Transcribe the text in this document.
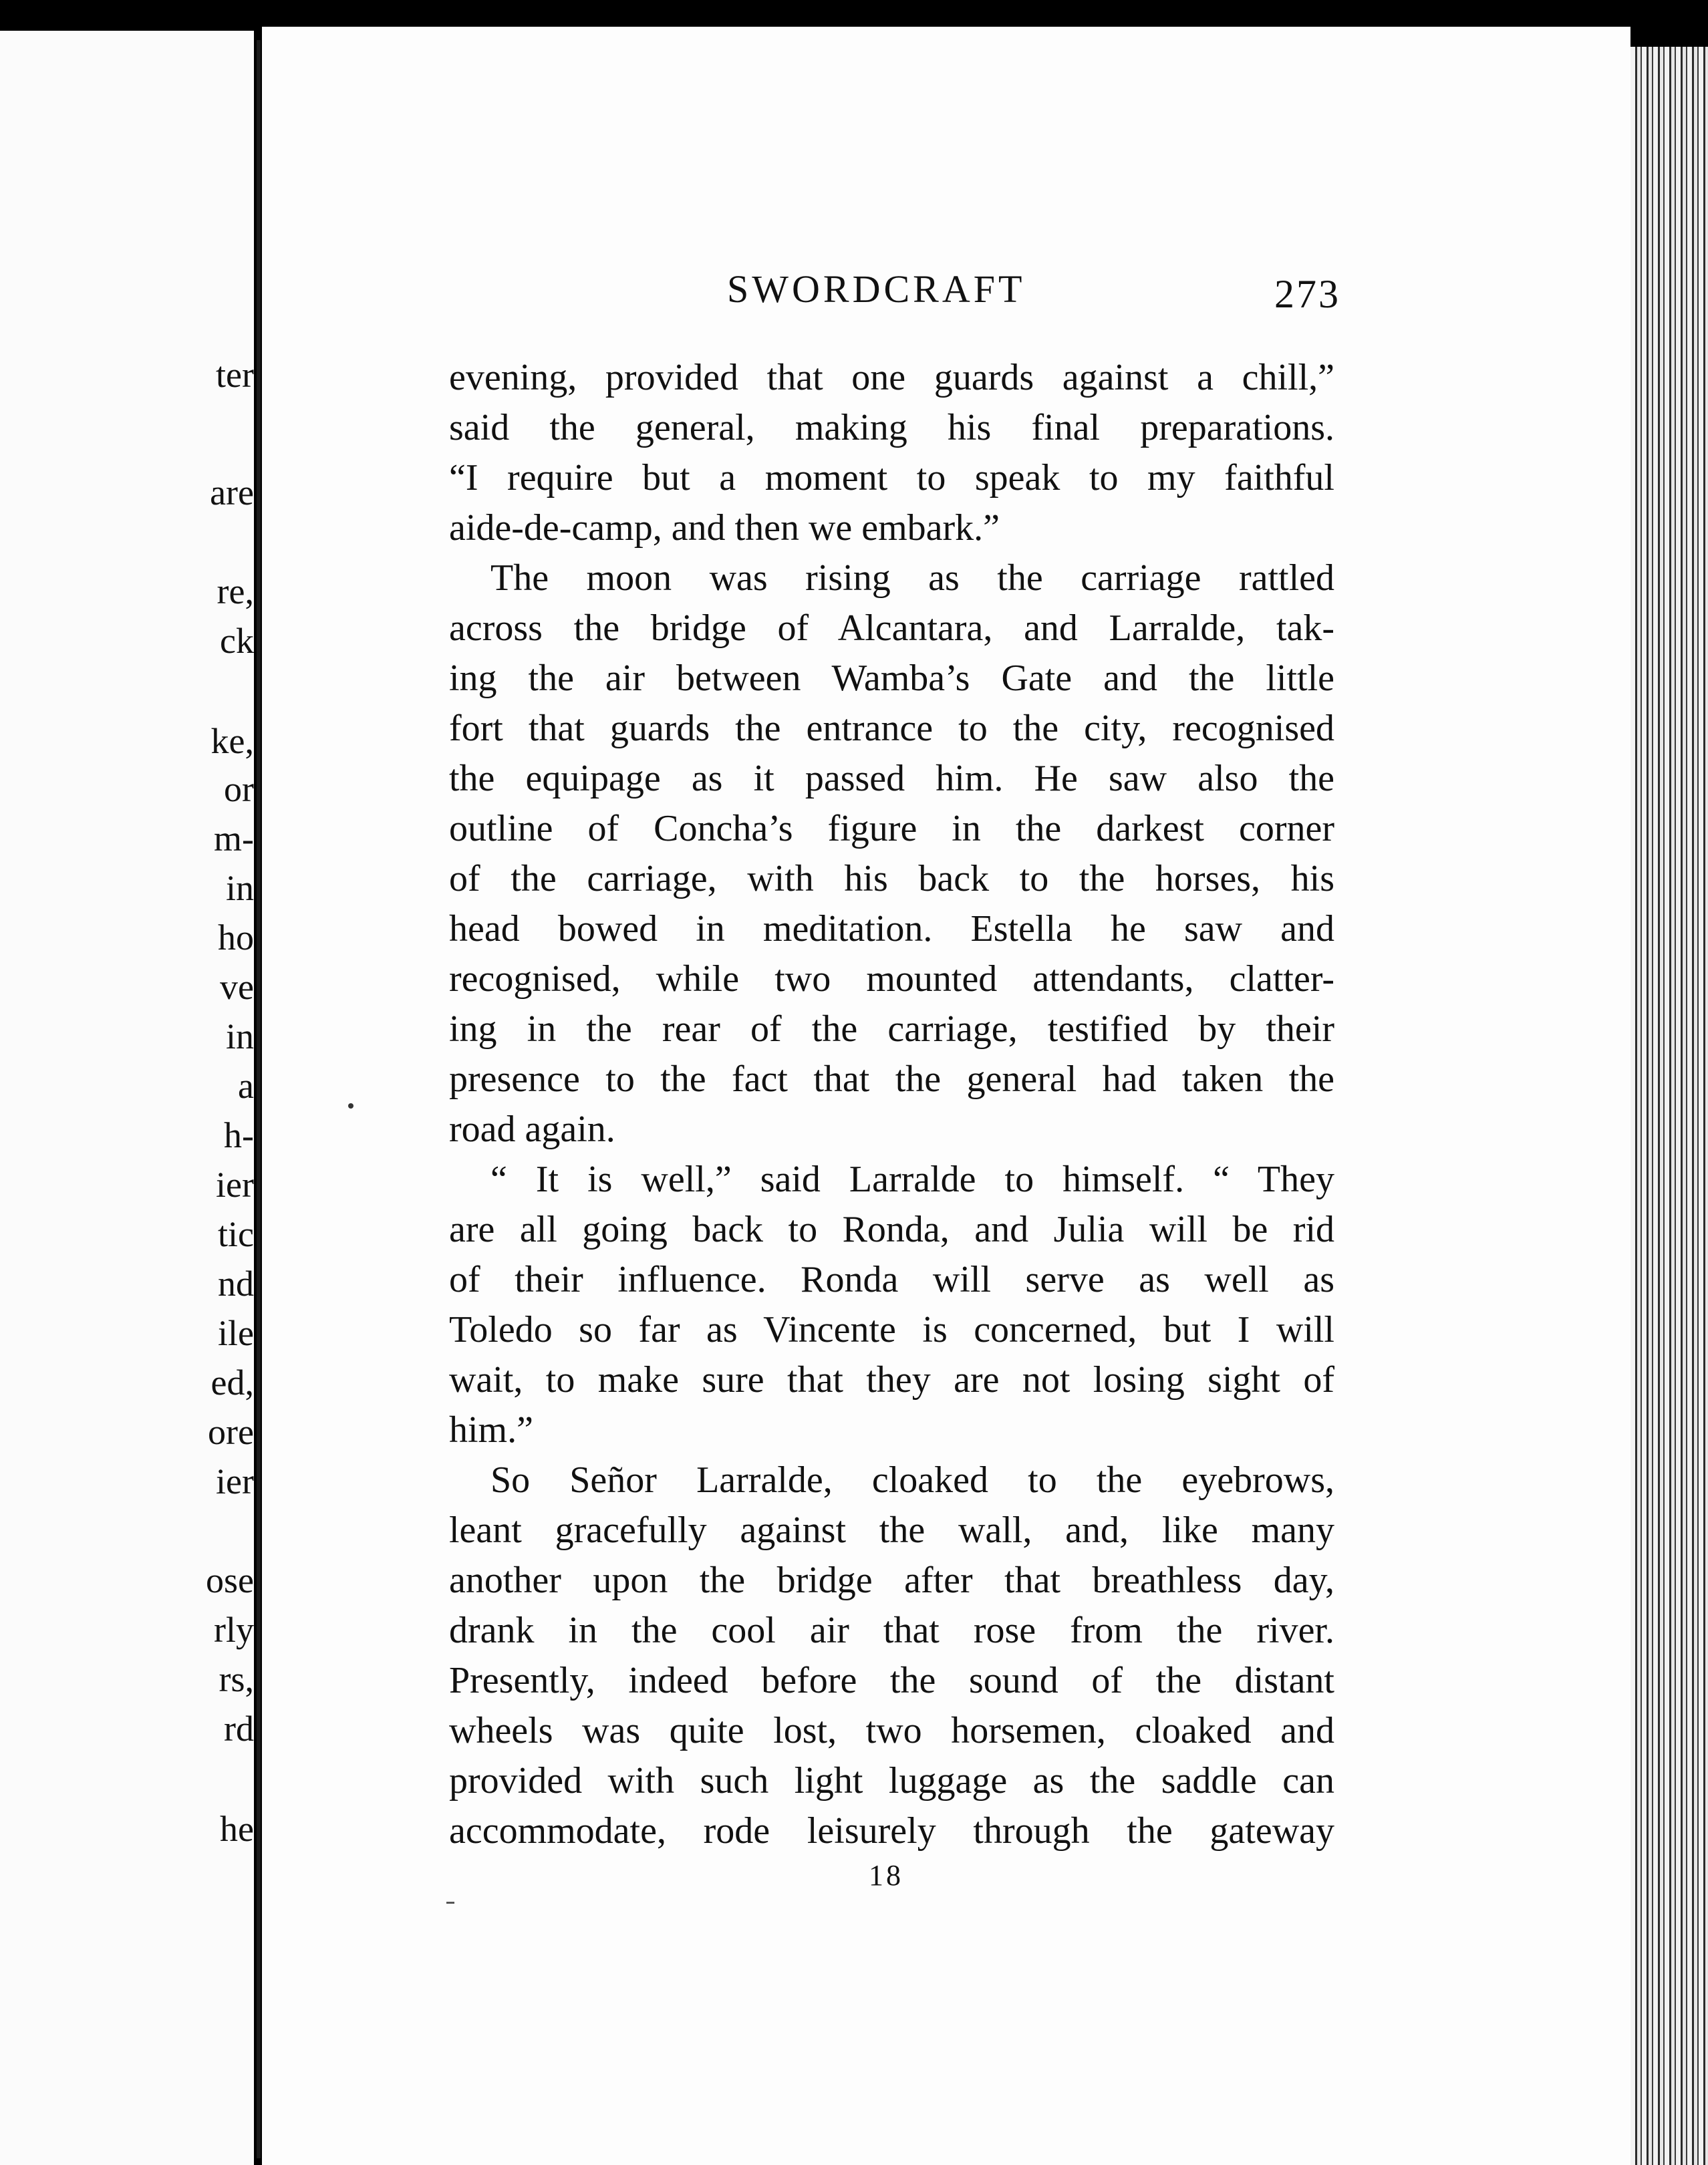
ter

are

re,

ck

ke,

or

m-

in

ho

ve

in

a

h-

ier

tic

nd

ile

ed,

ore

ier

ose

rly

rs,

rd

he

SWORDCRAFT	273
evening, provided that one guards against a chill,”
said the general, making his final preparations.
“I require but a moment to speak to my faithful
aide-de-camp, and then we embark.”
The moon was rising as the carriage rattled
across the bridge of Alcantara, and Larralde, tak-
ing the air between Wamba’s Gate and the little
fort that guards the entrance to the city, recognised
the equipage as it passed him. He saw also the
outline of Concha’s figure in the darkest corner
of the carriage, with his back to the horses, his
head bowed in meditation. Estella he saw and
recognised, while two mounted attendants, clatter-
ing in the rear of the carriage, testified by their
presence to the fact that the general had taken the
road again.
“ It is well,” said Larralde to himself. “ They
are all going back to Ronda, and Julia will be rid
of their influence. Ronda will serve as well as
Toledo so far as Vincente is concerned, but I will
wait, to make sure that they are not losing sight of
him.”
So Señor Larralde, cloaked to the eyebrows,
leant gracefully against the wall, and, like many
another upon the bridge after that breathless day,
drank in the cool air that rose from the river.
Presently, indeed before the sound of the distant
wheels was quite lost, two horsemen, cloaked and
provided with such light luggage as the saddle can
accommodate, rode leisurely through the gateway
18
